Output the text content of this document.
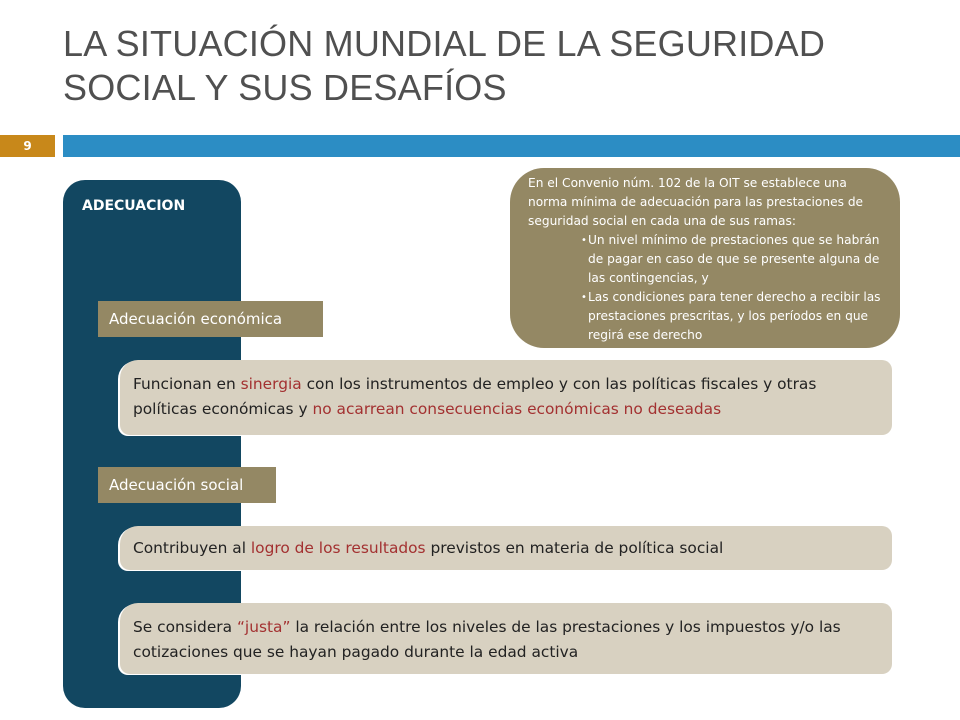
LA SITUACIÓN MUNDIAL DE LA SEGURIDAD
SOCIAL Y SUS DESAFÍOS
9
ADECUACION

En el Convenio núm. 102 de la OIT se establece una norma mínima de adecuación para las prestaciones de seguridad social en cada una de sus ramas:

• Un nivel mínimo de prestaciones que se habrán de pagar en caso de que se presente alguna de las contingencias, y
• Las condiciones para tener derecho a recibir las prestaciones prescritas, y los períodos en que regirá ese derecho
Adecuación económica
Funcionan en sinergia con los instrumentos de empleo y con las políticas fiscales y otras políticas económicas y no acarrean consecuencias económicas no deseadas
Adecuación social
Contribuyen al logro de los resultados previstos en materia de política social
Se considera “justa” la relación entre los niveles de las prestaciones y los impuestos y/o las cotizaciones que se hayan pagado durante la edad activa
